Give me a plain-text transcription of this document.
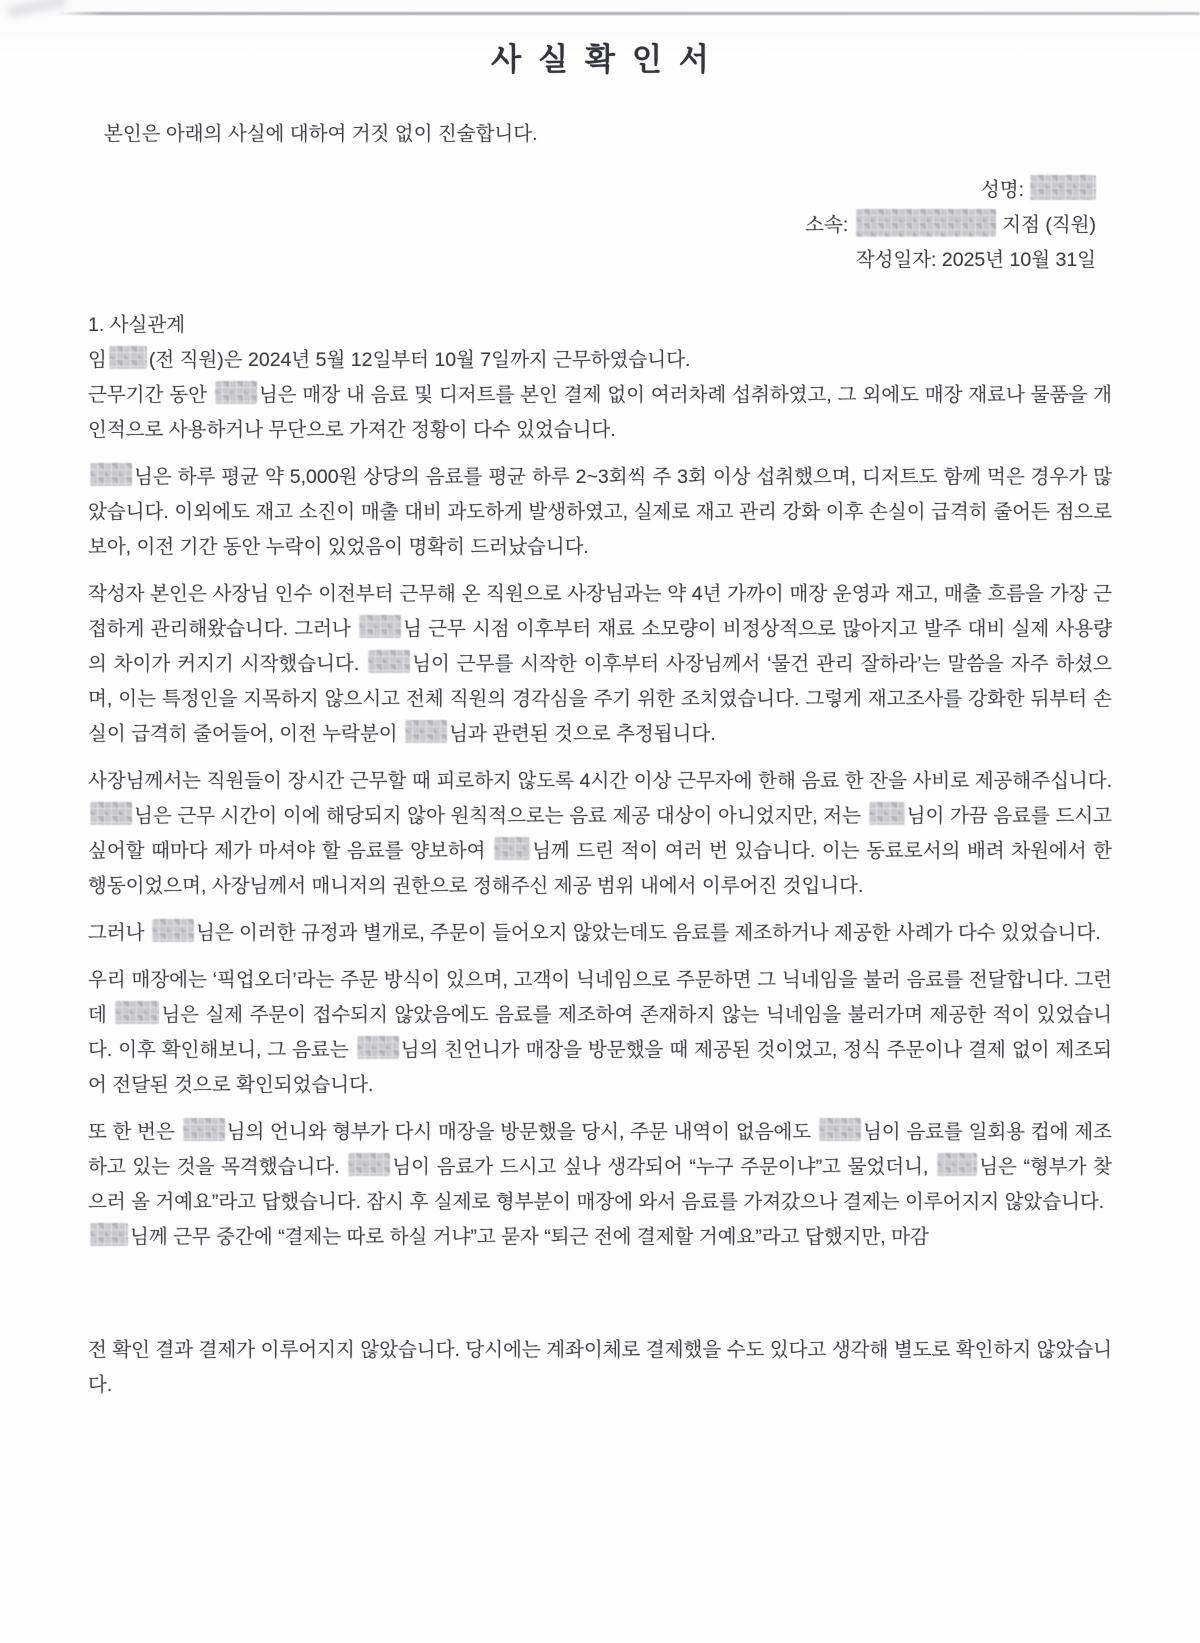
사실확인서

본인은 아래의 사실에 대하여 거짓 없이 진술합니다.

성명:
소속:	지점 (직원)
작성일자: 2025년 10월 31일
1. 사실관계
임 (전 직원)은 2024년 5월 12일부터 10월 7일까지 근무하였습니다.
근무기간 동안 님은 매장 내 음료 및 디저트를 본인 결제 없이 여러차례 섭취하였고, 그 외에도 매장 재료나 물품을 개인적으로 사용하거나 무단으로 가져간 정황이 다수 있었습니다.
님은 하루 평균 약 5,000원 상당의 음료를 평균 하루 2~3회씩 주 3회 이상 섭취했으며, 디저트도 함께 먹은 경우가 많았습니다. 이외에도 재고 소진이 매출 대비 과도하게 발생하였고, 실제로 재고 관리 강화 이후 손실이 급격히 줄어든 점으로 보아, 이전 기간 동안 누락이 있었음이 명확히 드러났습니다.
작성자 본인은 사장님 인수 이전부터 근무해 온 직원으로 사장님과는 약 4년 가까이 매장 운영과 재고, 매출 흐름을 가장 근접하게 관리해왔습니다. 그러나 님 근무 시점 이후부터 재료 소모량이 비정상적으로 많아지고 발주 대비 실제 사용량의 차이가 커지기 시작했습니다. 님이 근무를 시작한 이후부터 사장님께서 ‘물건 관리 잘하라’는 말씀을 자주 하셨으며, 이는 특정인을 지목하지 않으시고 전체 직원의 경각심을 주기 위한 조치였습니다. 그렇게 재고조사를 강화한 뒤부터 손실이 급격히 줄어들어, 이전 누락분이 님과 관련된 것으로 추정됩니다.
사장님께서는 직원들이 장시간 근무할 때 피로하지 않도록 4시간 이상 근무자에 한해 음료 한 잔을 사비로 제공해주십니다. 님은 근무 시간이 이에 해당되지 않아 원칙적으로는 음료 제공 대상이 아니었지만, 저는 님이 가끔 음료를 드시고 싶어할 때마다 제가 마셔야 할 음료를 양보하여 님께 드린 적이 여러 번 있습니다. 이는 동료로서의 배려 차원에서 한 행동이었으며, 사장님께서 매니저의 권한으로 정해주신 제공 범위 내에서 이루어진 것입니다.
그러나 님은 이러한 규정과 별개로, 주문이 들어오지 않았는데도 음료를 제조하거나 제공한 사례가 다수 있었습니다.
우리 매장에는 ‘픽업오더’라는 주문 방식이 있으며, 고객이 닉네임으로 주문하면 그 닉네임을 불러 음료를 전달합니다. 그런데 님은 실제 주문이 접수되지 않았음에도 음료를 제조하여 존재하지 않는 닉네임을 불러가며 제공한 적이 있었습니다. 이후 확인해보니, 그 음료는 님의 친언니가 매장을 방문했을 때 제공된 것이었고, 정식 주문이나 결제 없이 제조되어 전달된 것으로 확인되었습니다.
또 한 번은 님의 언니와 형부가 다시 매장을 방문했을 당시, 주문 내역이 없음에도 님이 음료를 일회용 컵에 제조하고 있는 것을 목격했습니다. 님이 음료가 드시고 싶나 생각되어 “누구 주문이냐”고 물었더니, 님은 “형부가 찾으러 올 거예요”라고 답했습니다. 잠시 후 실제로 형부분이 매장에 와서 음료를 가져갔으나 결제는 이루어지지 않았습니다.
님께 근무 중간에 “결제는 따로 하실 거냐”고 묻자 “퇴근 전에 결제할 거예요”라고 답했지만, 마감
전 확인 결과 결제가 이루어지지 않았습니다. 당시에는 계좌이체로 결제했을 수도 있다고 생각해 별도로 확인하지 않았습니다.
